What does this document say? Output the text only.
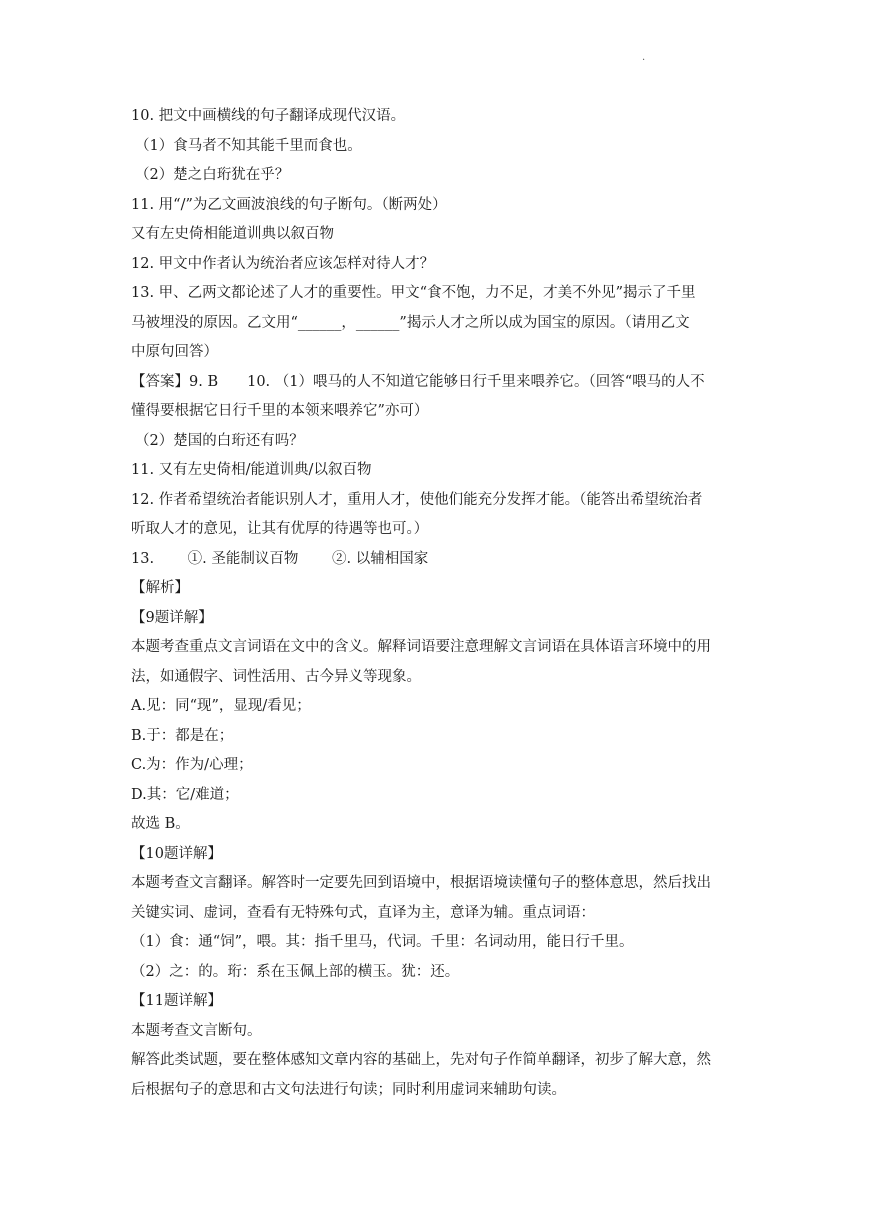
.
10. 把文中画横线的句子翻译成现代汉语。
（1）食马者不知其能千里而食也。
（2）楚之白珩犹在乎？
11. 用“/”为乙文画波浪线的句子断句。（断两处）
又有左史倚相能道训典以叙百物
12. 甲文中作者认为统治者应该怎样对待人才？
13. 甲、乙两文都论述了人才的重要性。甲文“食不饱，力不足，才美不外见”揭示了千里
马被埋没的原因。乙文用“______，______”揭示人才之所以成为国宝的原因。（请用乙文
中原句回答）
【答案】9. B　　10. （1）喂马的人不知道它能够日行千里来喂养它。（回答“喂马的人不
懂得要根据它日行千里的本领来喂养它”亦可）
（2）楚国的白珩还有吗？
11. 又有左史倚相/能道训典/以叙百物
12. 作者希望统治者能识别人才，重用人才，使他们能充分发挥才能。（能答出希望统治者
听取人才的意见，让其有优厚的待遇等也可。）
13.　　 ①. 圣能制议百物　　 ②. 以辅相国家
【解析】
【9题详解】
本题考查重点文言词语在文中的含义。解释词语要注意理解文言词语在具体语言环境中的用
法，如通假字、词性活用、古今异义等现象。
A.见：同“现”，显现/看见；
B.于：都是在；
C.为：作为/心理；
D.其：它/难道；
故选 B。
【10题详解】
本题考查文言翻译。解答时一定要先回到语境中，根据语境读懂句子的整体意思，然后找出
关键实词、虚词，查看有无特殊句式，直译为主，意译为辅。重点词语：
（1）食：通“饲”，喂。其：指千里马，代词。千里：名词动用，能日行千里。
（2）之：的。珩：系在玉佩上部的横玉。犹：还。
【11题详解】
本题考查文言断句。
解答此类试题，要在整体感知文章内容的基础上，先对句子作简单翻译，初步了解大意，然
后根据句子的意思和古文句法进行句读；同时利用虚词来辅助句读。
